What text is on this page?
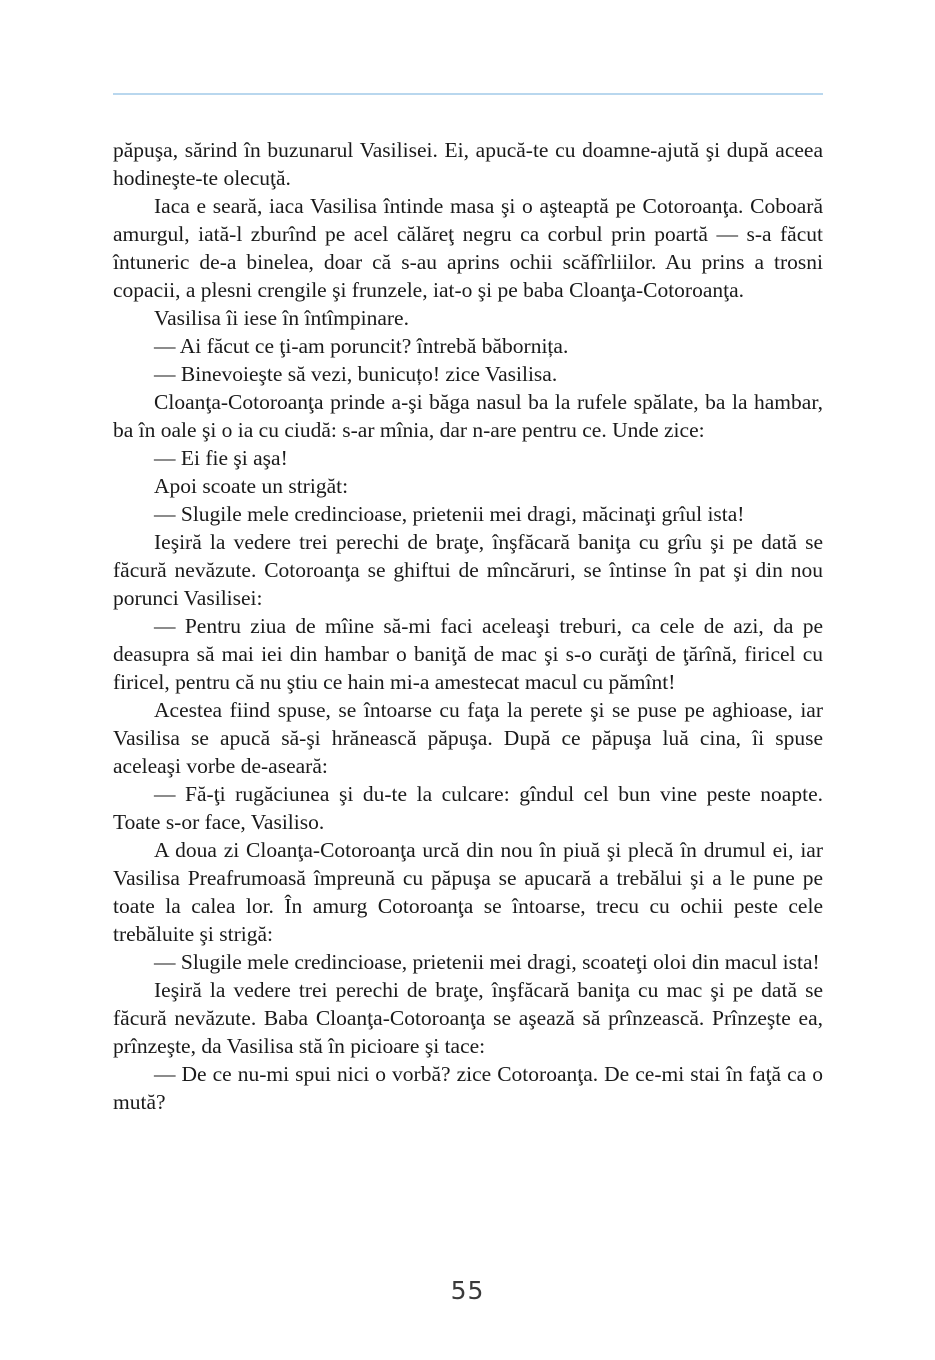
păpuşa, sărind în buzunarul Vasilisei. Ei, apucă-te cu doamne-ajută şi după aceea hodineşte-te olecuţă.

Iaca e seară, iaca Vasilisa întinde masa şi o aşteaptă pe Cotoroanţa. Coboară amurgul, iată-l zburînd pe acel călăreţ negru ca corbul prin poartă — s-a făcut întuneric de-a binelea, doar că s-au aprins ochii scăfîrliilor. Au prins a trosni copacii, a plesni crengile şi frunzele, iat-o şi pe baba Cloanţa-Cotoroanţa.

Vasilisa îi iese în întîmpinare.

— Ai făcut ce ţi-am poruncit? întrebă băbornița.

— Binevoieşte să vezi, bunicuțo! zice Vasilisa.

Cloanţa-Cotoroanţa prinde a-şi băga nasul ba la rufele spălate, ba la hambar, ba în oale şi o ia cu ciudă: s-ar mînia, dar n-are pentru ce. Unde zice:

— Ei fie şi aşa!

Apoi scoate un strigăt:

— Slugile mele credincioase, prietenii mei dragi, măcinaţi grîul ista!

Ieşiră la vedere trei perechi de braţe, înşfăcară baniţa cu grîu şi pe dată se făcură nevăzute. Cotoroanţa se ghiftui de mîncăruri, se întinse în pat şi din nou porunci Vasilisei:

— Pentru ziua de mîine să-mi faci aceleaşi treburi, ca cele de azi, da pe deasupra să mai iei din hambar o baniţă de mac şi s-o curăţi de ţărînă, firicel cu firicel, pentru că nu ştiu ce hain mi-a amestecat macul cu pămînt!

Acestea fiind spuse, se întoarse cu faţa la perete şi se puse pe aghioase, iar Vasilisa se apucă să-şi hrănească păpuşa. După ce păpuşa luă cina, îi spuse aceleaşi vorbe de-aseară:

— Fă-ţi rugăciunea şi du-te la culcare: gîndul cel bun vine peste noapte. Toate s-or face, Vasiliso.

A doua zi Cloanţa-Cotoroanţa urcă din nou în piuă şi plecă în drumul ei, iar Vasilisa Preafrumoasă împreună cu păpuşa se apucară a trebălui şi a le pune pe toate la calea lor. În amurg Cotoroanţa se întoarse, trecu cu ochii peste cele trebăluite şi strigă:

— Slugile mele credincioase, prietenii mei dragi, scoateţi oloi din macul ista!

Ieşiră la vedere trei perechi de braţe, înşfăcară baniţa cu mac şi pe dată se făcură nevăzute. Baba Cloanţa-Cotoroanţa se aşează să prînzească. Prînzeşte ea, prînzeşte, da Vasilisa stă în picioare şi tace:

— De ce nu-mi spui nici o vorbă? zice Cotoroanţa. De ce-mi stai în faţă ca o mută?

55
